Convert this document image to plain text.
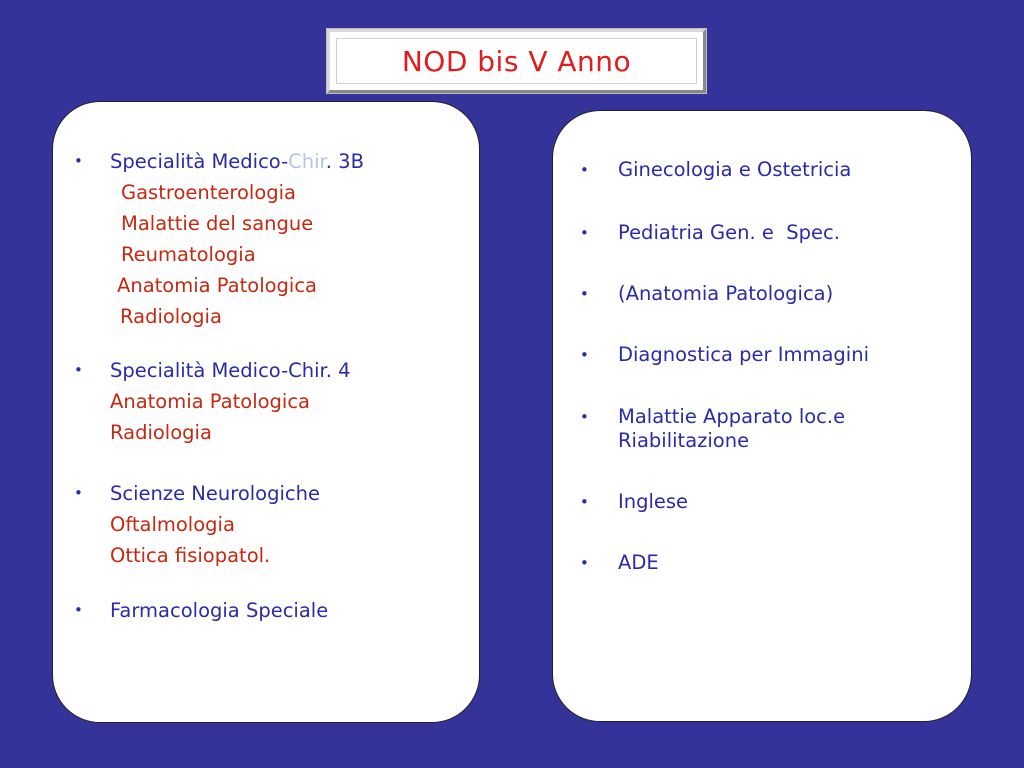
NOD bis V Anno
• Specialità Medico-Chir. 3B
Gastroenterologia
Malattie del sangue
Reumatologia
Anatomia Patologica
Radiologia
• Specialità Medico-Chir. 4
Anatomia Patologica
Radiologia
• Scienze Neurologiche
Oftalmologia
Ottica fisiopatol.
• Farmacologia Speciale
• Ginecologia e Ostetricia
• Pediatria Gen. e  Spec.
• (Anatomia Patologica)
• Diagnostica per Immagini
• Malattie Apparato loc.e
Riabilitazione
• Inglese
• ADE
